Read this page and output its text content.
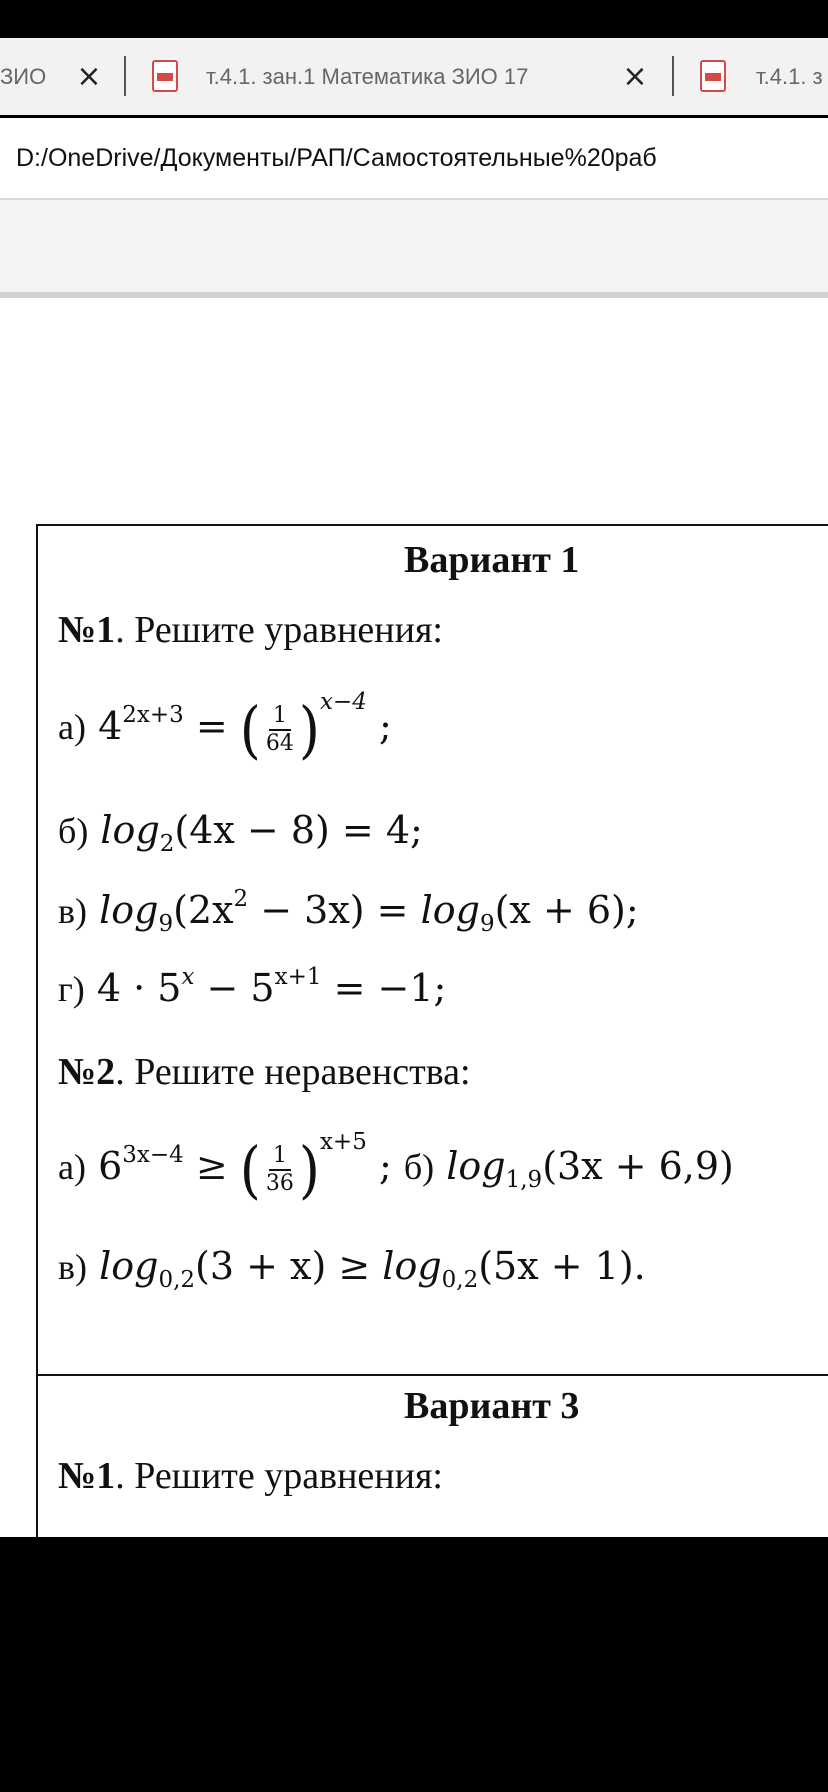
ЗИО ×	т.4.1. зан.1 Математика ЗИО 17	×	т.4.1. з
D:/OneDrive/Документы/РАП/Самостоятельные%20раб
Вариант 1
№1. Решите уравнения:
а) $4^{2x+3}$ = ( $\frac{1}{64} )^{x-4}$ ;
б) $\log_2(4x - 8) = 4$;
в) $\log_9(2x^2 - 3x) = \log_9(x + 6)$;
г) $4 \cdot 5^x - 5^{x+1} = -1$;
№2. Решите неравенства:
а) $6^{3x-4}$ ≥ ( $\frac{1}{36} )^{x+5}$ ; б) $\log_{1,9}(3x + 6,9)$
в) $\log_{0,2}(3 + x) \ge \log_{0,2}(5x + 1)$.
Вариант 3
№1. Решите уравнения:
